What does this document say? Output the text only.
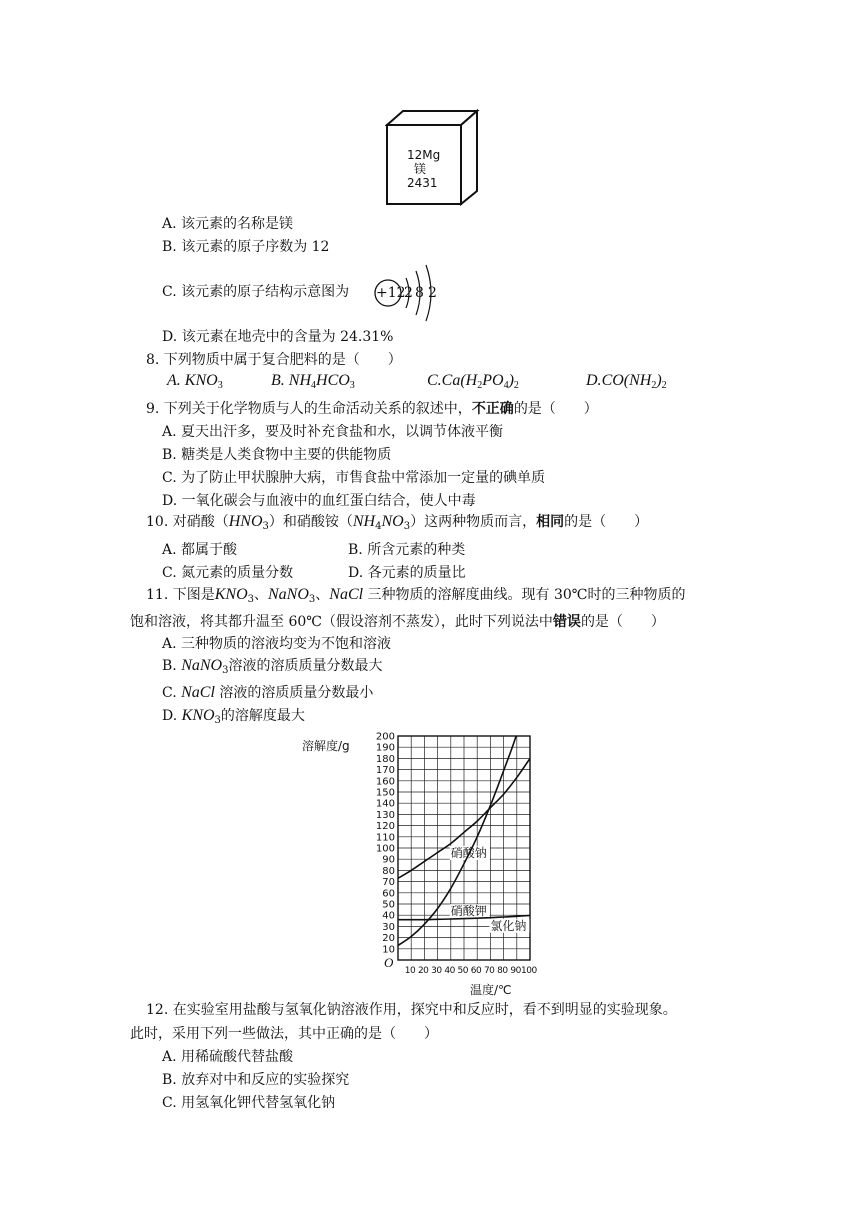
12Mg
镁
2431
A. 该元素的名称是镁
B. 该元素的原子序数为 12
C. 该元素的原子结构示意图为 +12
2 8 2
D. 该元素在地壳中的含量为 24.31%
8. 下列物质中属于复合肥料的是（　　）
A. $KNO_3$	B. $NH_4HCO_3$	$C.Ca(H_2PO_4)_2$	$D.CO(NH_2)_2$
9. 下列关于化学物质与人的生命活动关系的叙述中，不正确的是（　　）
A. 夏天出汗多，要及时补充食盐和水，以调节体液平衡
B. 糖类是人类食物中主要的供能物质
C. 为了防止甲状腺肿大病，市售食盐中常添加一定量的碘单质
D. 一氧化碳会与血液中的血红蛋白结合，使人中毒
10. 对硝酸$(HNO_3)$和硝酸铵$(NH_4NO_3)$这两种物质而言，相同的是（　　）
A. 都属于酸	B. 所含元素的种类
C. 氮元素的质量分数	D. 各元素的质量比
11. 下图是$KNO_3$、NaNO$_3$、NaCl 三种物质的溶解度曲线。现有 30℃时的三种物质的
饱和溶液，将其都升温至 60℃（假设溶剂不蒸发），此时下列说法中错误的是（　　）
A. 三种物质的溶液均变为不饱和溶液
B. NaNO$_3$溶液的溶质质量分数最大
C. NaCl 溶液的溶质质量分数最小
D. $KNO_3$的溶解度最大
10
20
30
40
50
60
70
80
90
100
110
120
130
140
150
160
170
180
190
200
10 20 30 40 50 60 70 80 90 100
O
溶解度/g
温度/℃
硝酸钠
硝酸钾
氯化钠
12. 在实验室用盐酸与氢氧化钠溶液作用，探究中和反应时，看不到明显的实验现象。
此时，采用下列一些做法，其中正确的是（　　）
A. 用稀硫酸代替盐酸
B. 放弃对中和反应的实验探究
C. 用氢氧化钾代替氢氧化钠
